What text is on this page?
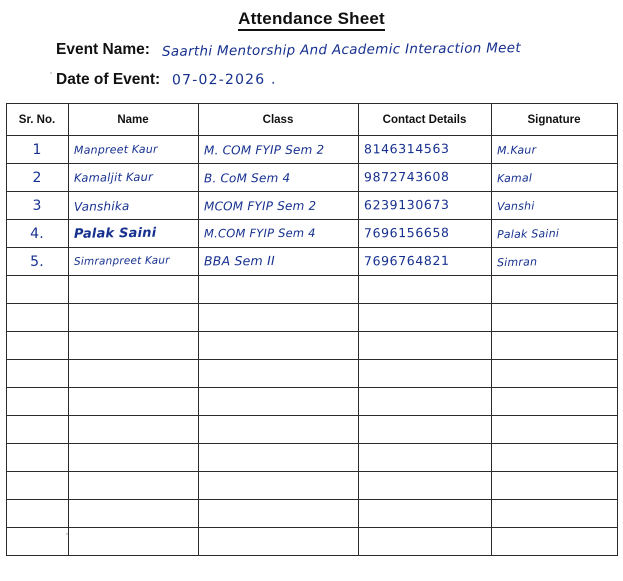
Attendance Sheet
Event Name: Saarthi Mentorship And Academic Interaction Meet
Date of Event: 07-02-2026 .
Sr. No.	Name	Class	Contact Details	Signature

1	Manpreet Kaur	M. COM FYIP Sem 2	8146314563	M.Kaur

2	Kamaljit Kaur	B. CoM Sem 4	9872743608	Kamal

3	Vanshika	MCOM FYIP Sem 2	6239130673	Vanshi

4.	Palak Saini	M.COM FYIP Sem 4	7696156658	Palak Saini

5.	Simranpreet Kaur	BBA Sem II	7696764821	Simran
